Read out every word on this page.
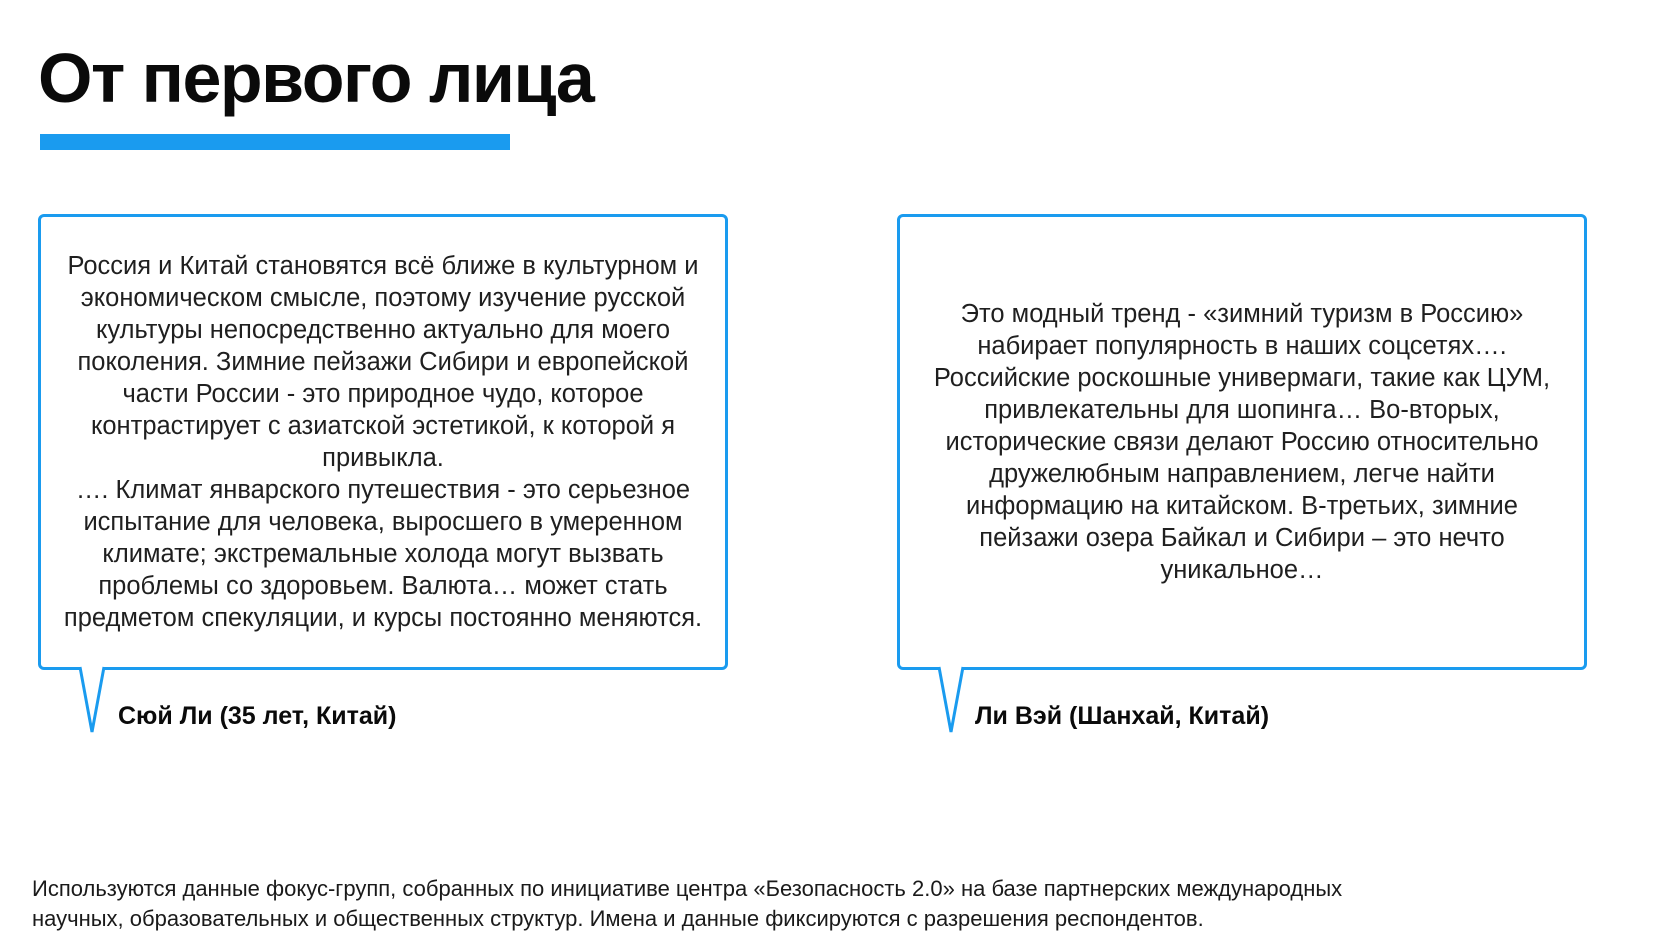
От первого лица
Россия и Китай становятся всё ближе в культурном и
экономическом смысле, поэтому изучение русской
культуры непосредственно актуально для моего
поколения. Зимние пейзажи Сибири и европейской
части России - это природное чудо, которое
контрастирует с азиатской эстетикой, к которой я
привыкла.
…. Климат январского путешествия - это серьезное
испытание для человека, выросшего в умеренном
климате; экстремальные холода могут вызвать
проблемы со здоровьем. Валюта… может стать
предметом спекуляции, и курсы постоянно меняются.
Сюй Ли (35 лет, Китай)
Это модный тренд - «зимний туризм в Россию»
набирает популярность в наших соцсетях….
Российские роскошные универмаги, такие как ЦУМ,
привлекательны для шопинга… Во-вторых,
исторические связи делают Россию относительно
дружелюбным направлением, легче найти
информацию на китайском. В-третьих, зимние
пейзажи озера Байкал и Сибири – это нечто
уникальное…
Ли Вэй (Шанхай, Китай)
Используются данные фокус-групп, собранных по инициативе центра «Безопасность 2.0» на базе партнерских международных
научных, образовательных и общественных структур. Имена и данные фиксируются с разрешения респондентов.
